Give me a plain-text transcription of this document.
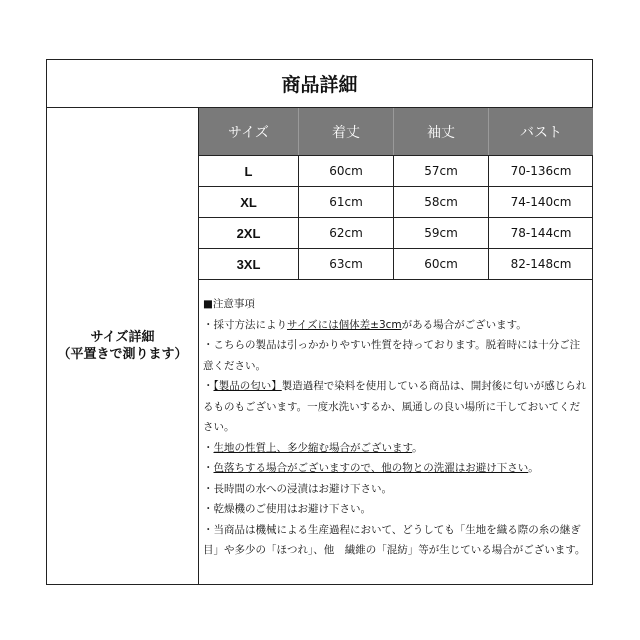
商品詳細
サイズ詳細
（平置きで測ります）
サイズ	着丈	袖丈	バスト
L	60cm	57cm	70-136cm
XL	61cm	58cm	74-140cm
2XL	62cm	59cm	78-144cm
3XL	63cm	60cm	82-148cm

■注意事項

・採寸方法によりサイズには個体差±3cmがある場合がございます。

・こちらの製品は引っかかりやすい性質を持っております。脱着時には十分ご注意ください。

・【製品の匂い】製造過程で染料を使用している商品は、開封後に匂いが感じられるものもございます。一度水洗いするか、風通しの良い場所に干しておいてください。

・生地の性質上、多少縮む場合がございます。

・色落ちする場合がございますので、他の物との洗濯はお避け下さい。

・長時間の水への浸漬はお避け下さい。

・乾燥機のご使用はお避け下さい。

・当商品は機械による生産過程において、どうしても「生地を織る際の糸の継ぎ目」や多少の「ほつれ」、他　繊維の「混紡」等が生じている場合がございます。
